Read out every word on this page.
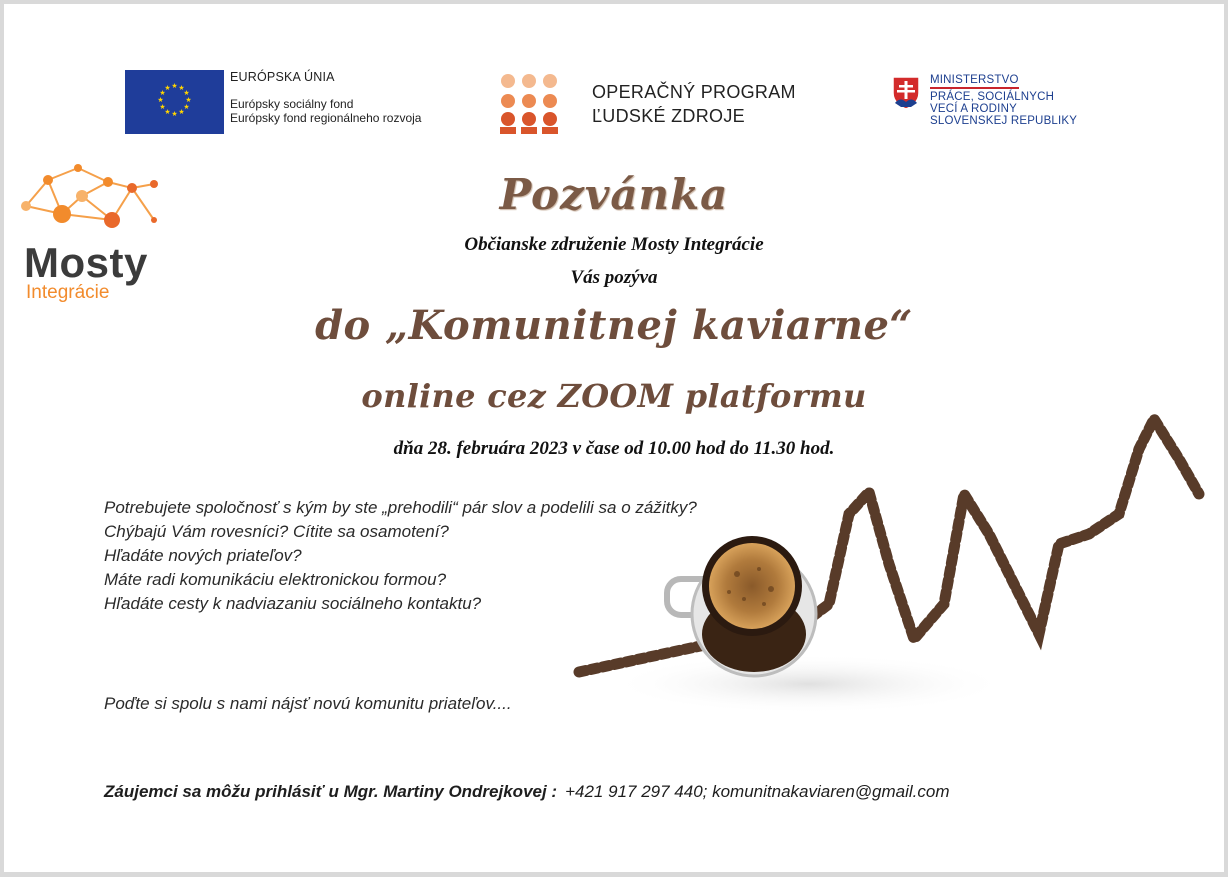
★ ★
★
★
★
★
★
★
★
★
★
★
EURÓPSKA ÚNIA
Európsky sociálny fond
Európsky fond regionálneho rozvoja
OPERAČNÝ PROGRAM
ĽUDSKÉ ZDROJE
MINISTERSTVO
PRÁCE, SOCIÁLNYCH
VECÍ A RODINY
SLOVENSKEJ REPUBLIKY
Mosty
Integrácie
Pozvánka
Občianske združenie Mosty Integrácie
Vás pozýva
do „Komunitnej kaviarne“
online cez ZOOM platformu
dňa 28. februára 2023 v čase od 10.00 hod do 11.30 hod.
Potrebujete spoločnosť s kým by ste „prehodili“ pár slov a podelili sa o zážitky?
Chýbajú Vám rovesníci? Cítite sa osamotení?
Hľadáte nových priateľov?
Máte radi komunikáciu elektronickou formou?
Hľadáte cesty k nadviazaniu sociálneho kontaktu?
Poďte si spolu s nami nájsť novú komunitu priateľov....
Záujemci sa môžu prihlásiť u Mgr. Martiny Ondrejkovej : +421 917 297 440; komunitnakaviaren@gmail.com
